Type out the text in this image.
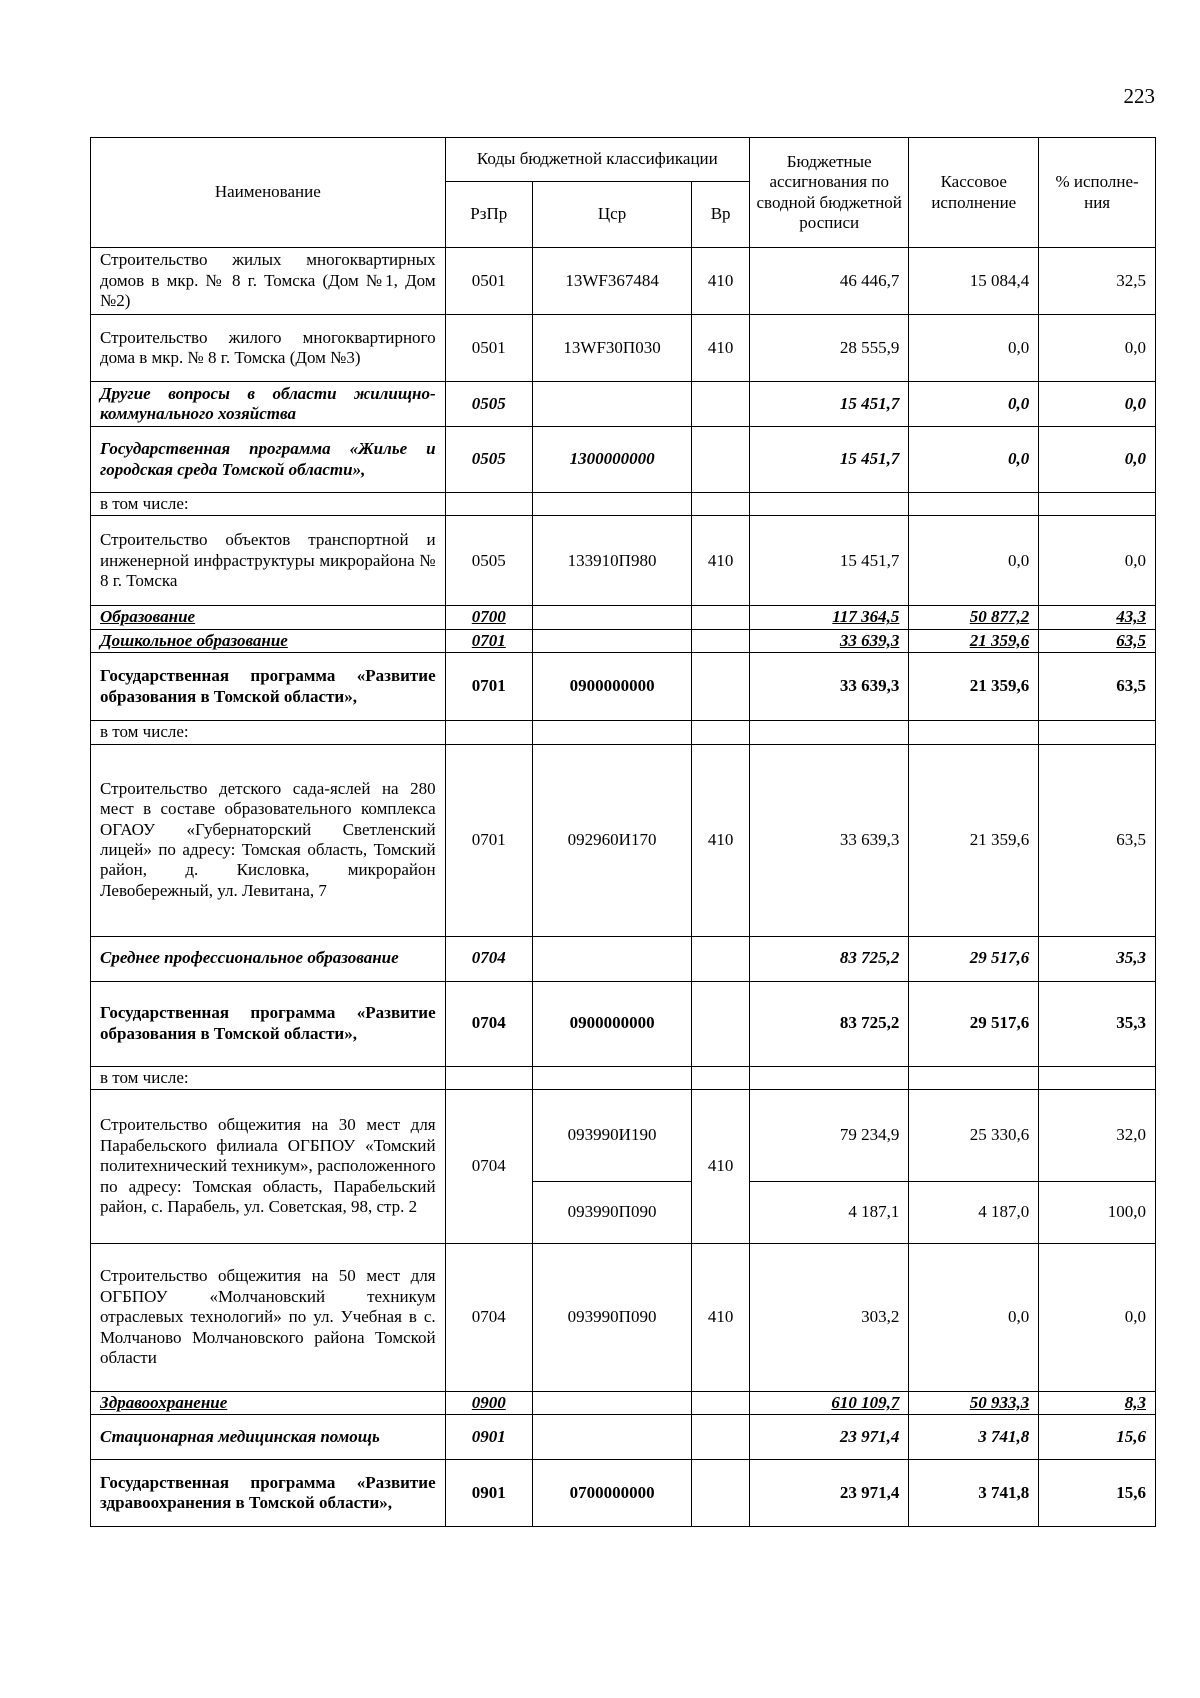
223
Наименование	Коды бюджетной классификации			Бюджетные ассигнования по сводной бюджетной росписи	Кассовое исполнение	% исполне-ния
	РзПр	Цср	Вр			
Строительство жилых многоквартирных домов в мкр. № 8 г. Томска (Дом №1, Дом №2)	0501	13WF367484	410	46 446,7	15 084,4	32,5
Строительство жилого многоквартирного дома в мкр. № 8 г. Томска (Дом №3)	0501	13WF30П030	410	28 555,9	0,0	0,0
Другие вопросы в области жилищно-коммунального хозяйства	0505			15 451,7	0,0	0,0
Государственная программа «Жилье и городская среда Томской области»,	0505	1300000000		15 451,7	0,0	0,0
в том числе:						
Строительство объектов транспортной и инженерной инфраструктуры микрорайона № 8 г. Томска	0505	133910П980	410	15 451,7	0,0	0,0
Образование	0700			117 364,5	50 877,2	43,3
Дошкольное образование	0701			33 639,3	21 359,6	63,5
Государственная программа «Развитие образования в Томской области»,	0701	0900000000		33 639,3	21 359,6	63,5
в том числе:						
Строительство детского сада-яслей на 280 мест в составе образовательного комплекса ОГАОУ «Губернаторский Светленский лицей» по адресу: Томская область, Томский район, д. Кисловка, микрорайон Левобережный, ул. Левитана, 7	0701	092960И170	410	33 639,3	21 359,6	63,5
Среднее профессиональное образование	0704			83 725,2	29 517,6	35,3
Государственная программа «Развитие образования в Томской области»,	0704	0900000000		83 725,2	29 517,6	35,3
в том числе:						
Строительство общежития на 30 мест для Парабельского филиала ОГБПОУ «Томский политехнический техникум», расположенного по адресу: Томская область, Парабельский район, с. Парабель, ул. Советская, 98, стр. 2	0704	093990И190	410	79 234,9	25 330,6	32,0
		093990П090		4 187,1	4 187,0	100,0
Строительство общежития на 50 мест для ОГБПОУ «Молчановский техникум отраслевых технологий» по ул. Учебная в с. Молчаново Молчановского района Томской области	0704	093990П090	410	303,2	0,0	0,0
Здравоохранение	0900			610 109,7	50 933,3	8,3
Стационарная медицинская помощь	0901			23 971,4	3 741,8	15,6
Государственная программа «Развитие здравоохранения в Томской области»,	0901	0700000000		23 971,4	3 741,8	15,6
